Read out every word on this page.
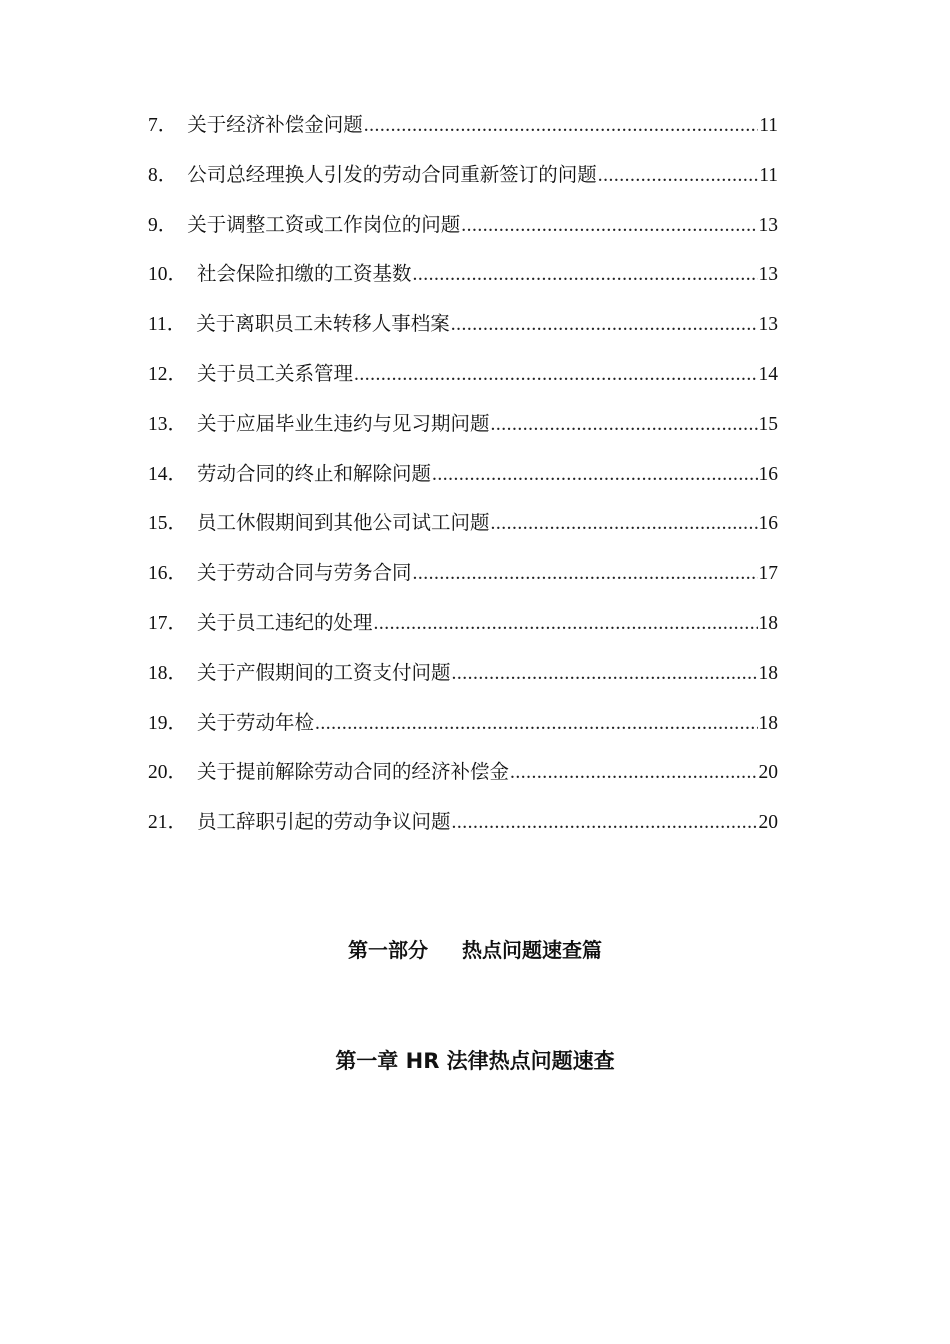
7． 关于经济补偿金问题 .....	11
8． 公司总经理换人引发的劳动合同重新签订的问题 .....	11
9． 关于调整工资或工作岗位的问题 .....	13
10． 社会保险扣缴的工资基数 .....	13
11． 关于离职员工未转移人事档案 .....	13
12． 关于员工关系管理 .....	14
13． 关于应届毕业生违约与见习期问题 .....	15
14． 劳动合同的终止和解除问题 .....	16
15． 员工休假期间到其他公司试工问题 .....	16
16． 关于劳动合同与劳务合同 .....	17
17． 关于员工违纪的处理 .....	18
18． 关于产假期间的工资支付问题 .....	18
19． 关于劳动年检 .....	18
20． 关于提前解除劳动合同的经济补偿金 .....	20
21． 员工辞职引起的劳动争议问题 .....	20
第一部分 热点问题速查篇
第一章 HR 法律热点问题速查
